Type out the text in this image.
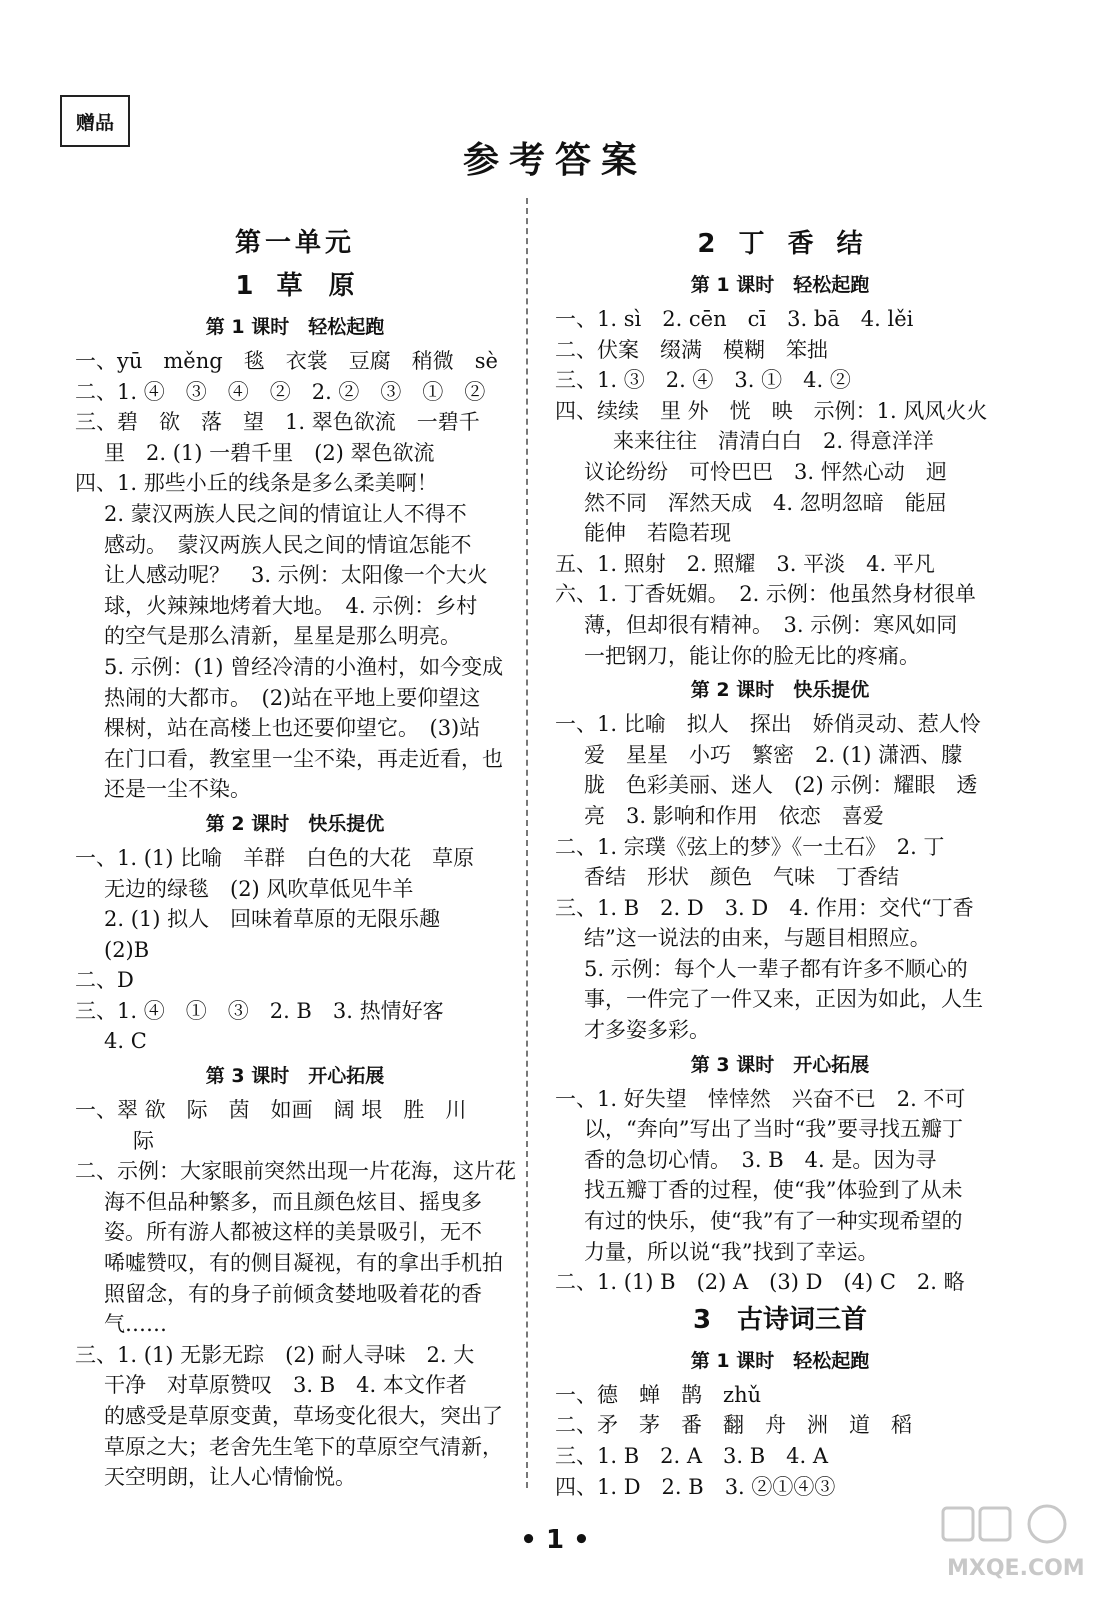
赠品
参考答案
第一单元
1 草　原
第 1 课时　轻松起跑
一、yū　měng　毯　衣裳　豆腐　稍微　sè
二、1. ④　③　④　②　2. ②　③　①　②
三、碧　欲　落　望　1. 翠色欲流　一碧千
里　2. (1) 一碧千里　(2) 翠色欲流
四、1. 那些小丘的线条是多么柔美啊！
2. 蒙汉两族人民之间的情谊让人不得不
感动。　蒙汉两族人民之间的情谊怎能不
让人感动呢？　3. 示例：太阳像一个大火
球，火辣辣地烤着大地。　4. 示例：乡村
的空气是那么清新，星星是那么明亮。
5. 示例：(1) 曾经冷清的小渔村，如今变成
热闹的大都市。　(2)站在平地上要仰望这
棵树，站在高楼上也还要仰望它。　(3)站
在门口看，教室里一尘不染，再走近看，也
还是一尘不染。
第 2 课时　快乐提优
一、1. (1) 比喻　羊群　白色的大花　草原
无边的绿毯　(2) 风吹草低见牛羊
2. (1) 拟人　回味着草原的无限乐趣
(2)B
二、D
三、1. ④　①　③　2. B　3. 热情好客
4. C
第 3 课时　开心拓展
一、翠 欲　际　茵　如画　阔 垠　胜　川
际
二、示例：大家眼前突然出现一片花海，这片花
海不但品种繁多，而且颜色炫目、摇曳多
姿。所有游人都被这样的美景吸引，无不
唏嘘赞叹，有的侧目凝视，有的拿出手机拍
照留念，有的身子前倾贪婪地吸着花的香
气……
三、1. (1) 无影无踪　(2) 耐人寻味　2. 大
干净　对草原赞叹　3. B　4. 本文作者
的感受是草原变黄，草场变化很大，突出了
草原之大；老舍先生笔下的草原空气清新，
天空明朗，让人心情愉悦。
2 丁 香 结
第 1 课时　轻松起跑
一、1. sì　2. cēn　cī　3. bā　4. lěi
二、伏案　缀满　模糊　笨拙
三、1. ③　2. ④　3. ①　4. ②
四、续续　里 外　恍　映　示例：1. 风风火火
来来往往　清清白白　2. 得意洋洋
议论纷纷　可怜巴巴　3. 怦然心动　迥
然不同　浑然天成　4. 忽明忽暗　能屈
能伸　若隐若现
五、1. 照射　2. 照耀　3. 平淡　4. 平凡
六、1. 丁香妩媚。　2. 示例：他虽然身材很单
薄，但却很有精神。　3. 示例：寒风如同
一把钢刀，能让你的脸无比的疼痛。
第 2 课时　快乐提优
一、1. 比喻　拟人　探出　娇俏灵动、惹人怜
爱　星星　小巧　繁密　2. (1) 潇洒、朦
胧　色彩美丽、迷人　(2) 示例：耀眼　透
亮　3. 影响和作用　依恋　喜爱
二、1. 宗璞《弦上的梦》《一土石》　2. 丁
香结　形状　颜色　气味　丁香结
三、1. B　2. D　3. D　4. 作用：交代“丁香
结”这一说法的由来，与题目相照应。
5. 示例：每个人一辈子都有许多不顺心的
事，一件完了一件又来，正因为如此，人生
才多姿多彩。
第 3 课时　开心拓展
一、1. 好失望　悻悻然　兴奋不已　2. 不可
以，“奔向”写出了当时“我”要寻找五瓣丁
香的急切心情。　3. B　4. 是。因为寻
找五瓣丁香的过程，使“我”体验到了从未
有过的快乐，使“我”有了一种实现希望的
力量，所以说“我”找到了幸运。
二、1. (1) B　(2) A　(3) D　(4) C　2. 略
3　古诗词三首
第 1 课时　轻松起跑
一、德　蝉　鹊　zhǔ
二、矛　茅　番　翻　舟　洲　道　稻
三、1. B　2. A　3. B　4. A
四、1. D　2. B　3. ②①④③
• 1 •
MXQE.COM
